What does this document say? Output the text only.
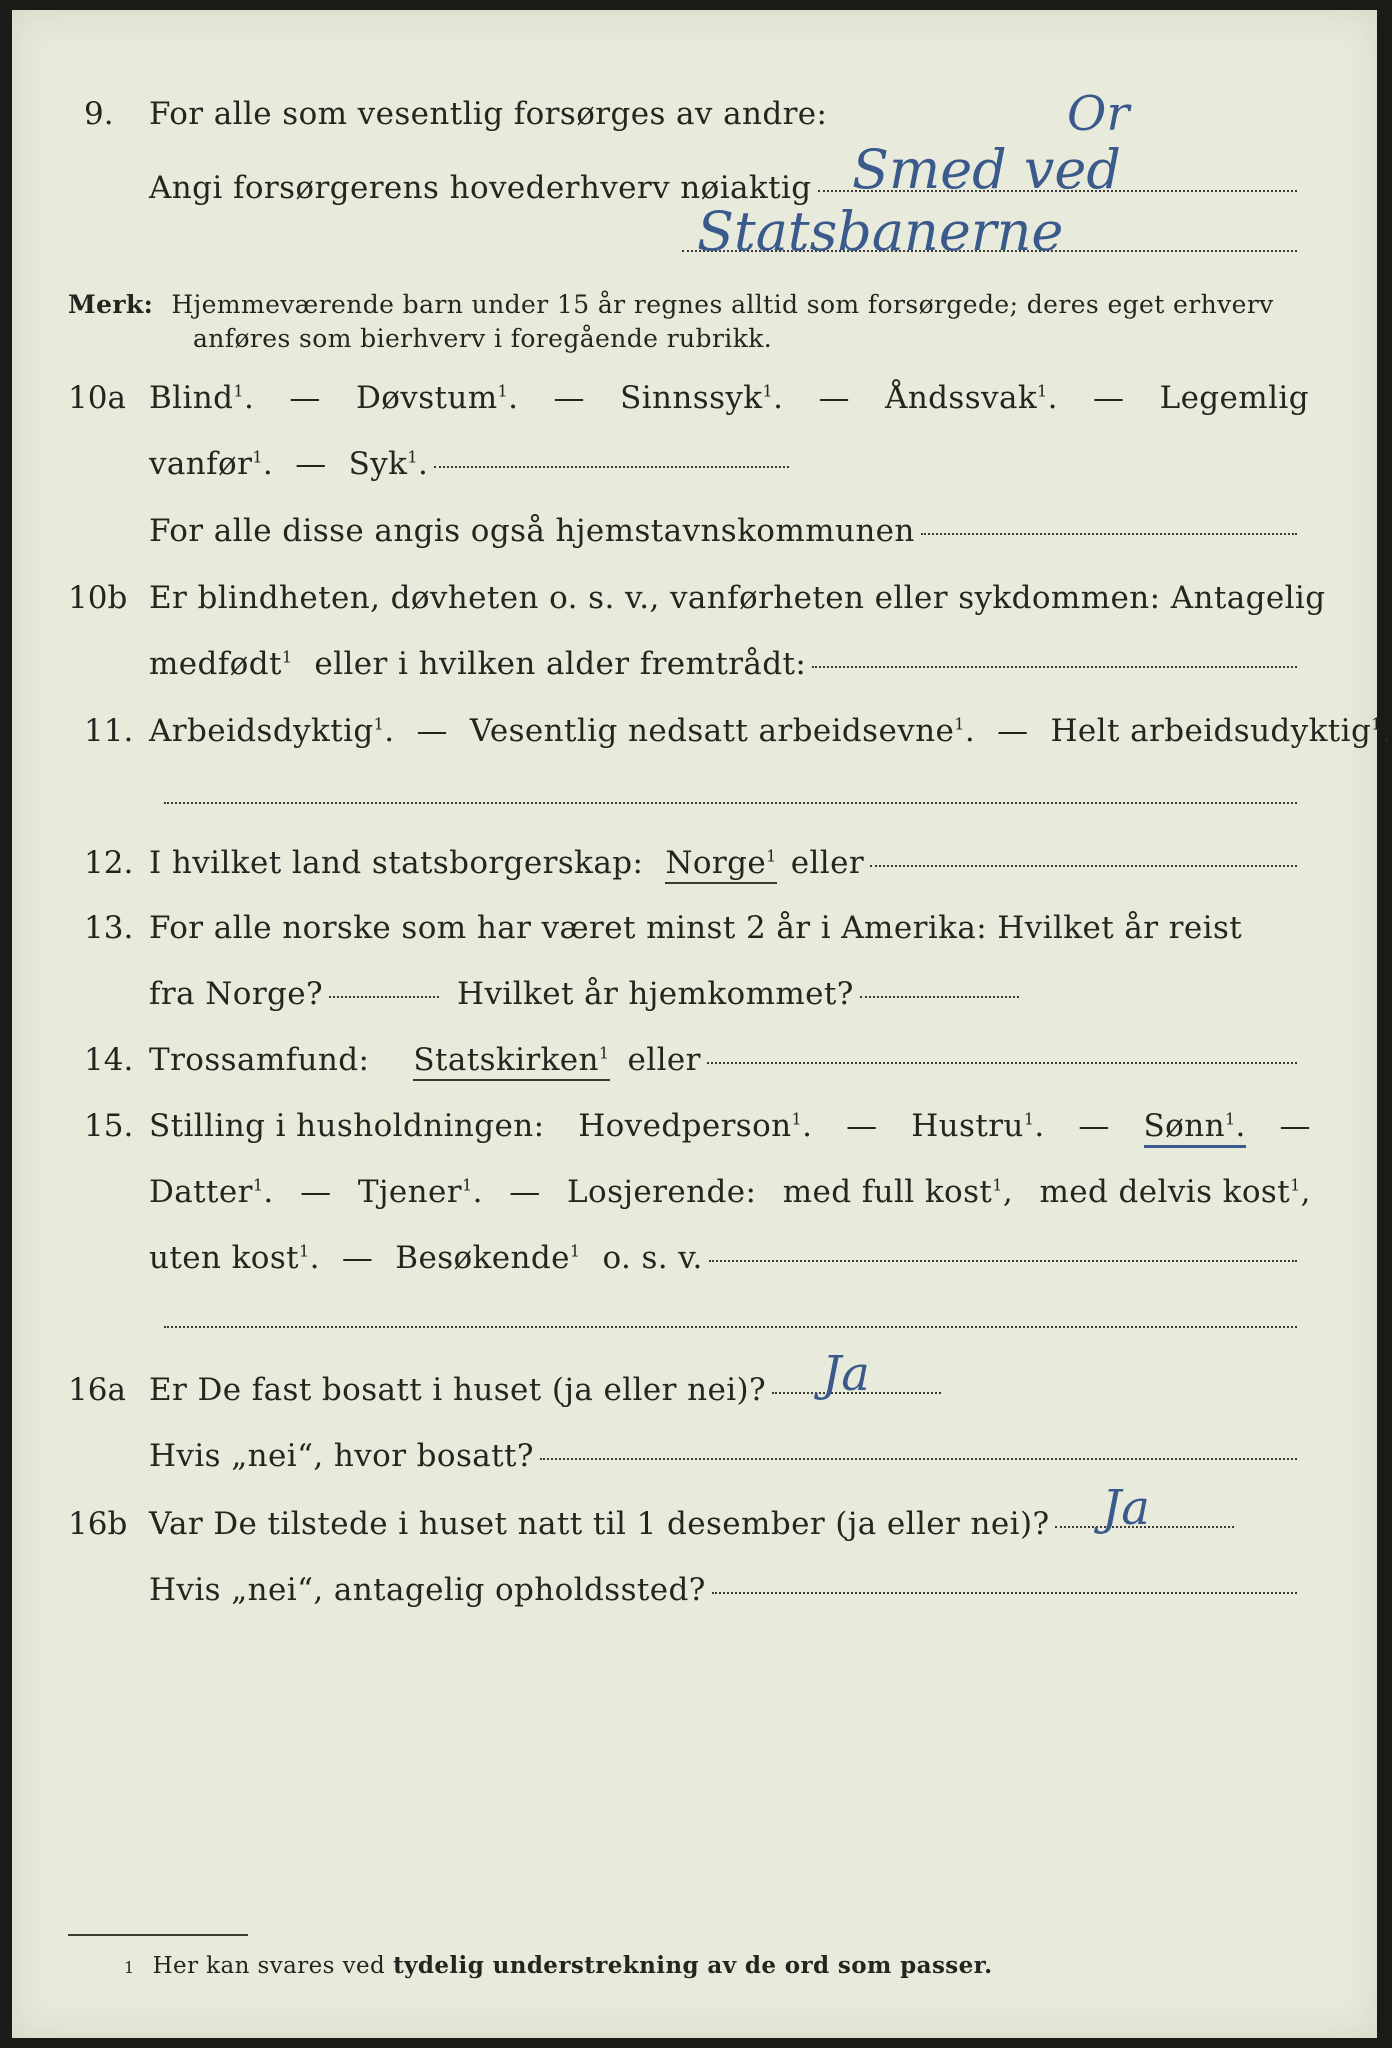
9. For alle som vesentlig forsørges av andre:	Or
Angi forsørgerens hovederhverv nøiaktig Smed ved
Statsbanerne
Merk: Hjemmeværende barn under 15 år regnes alltid som forsørgede; deres eget erhverv
anføres som bierhverv i foregående rubrikk.
10a Blind$^1$. — Døvstum$^1$. — Sinnssyk$^1$. — Åndssvak$^1$. — Legemlig
vanfør$^1$. — Syk$^1$.
For alle disse angis også hjemstavnskommunen
10b Er blindheten, døvheten o. s. v., vanførheten eller sykdommen: Antagelig
medfødt$^1$ eller i hvilken alder fremtrådt:
11. Arbeidsdyktig$^1$. — Vesentlig nedsatt arbeidsevne$^1$. — Helt arbeidsudyktig$^1$.
12. I hvilket land statsborgerskap: Norge$^1$ eller
13. For alle norske som har været minst 2 år i Amerika: Hvilket år reist
fra Norge?	Hvilket år hjemkommet?
14. Trossamfund: Statskirken$^1$ eller
15. Stilling i husholdningen: Hovedperson$^1$. — Hustru$^1$. — Sønn$^1$. —
Datter$^1$. — Tjener$^1$. — Losjerende: med full kost$^1$, med delvis kost$^1$,
uten kost$^1$. — Besøkende$^1$ o. s. v.
16a Er De fast bosatt i huset (ja eller nei)? Ja
Hvis „nei“, hvor bosatt?
16b Var De tilstede i huset natt til 1 desember (ja eller nei)? Ja
Hvis „nei“, antagelig opholdssted?
1 Her kan svares ved tydelig understrekning av de ord som passer.
